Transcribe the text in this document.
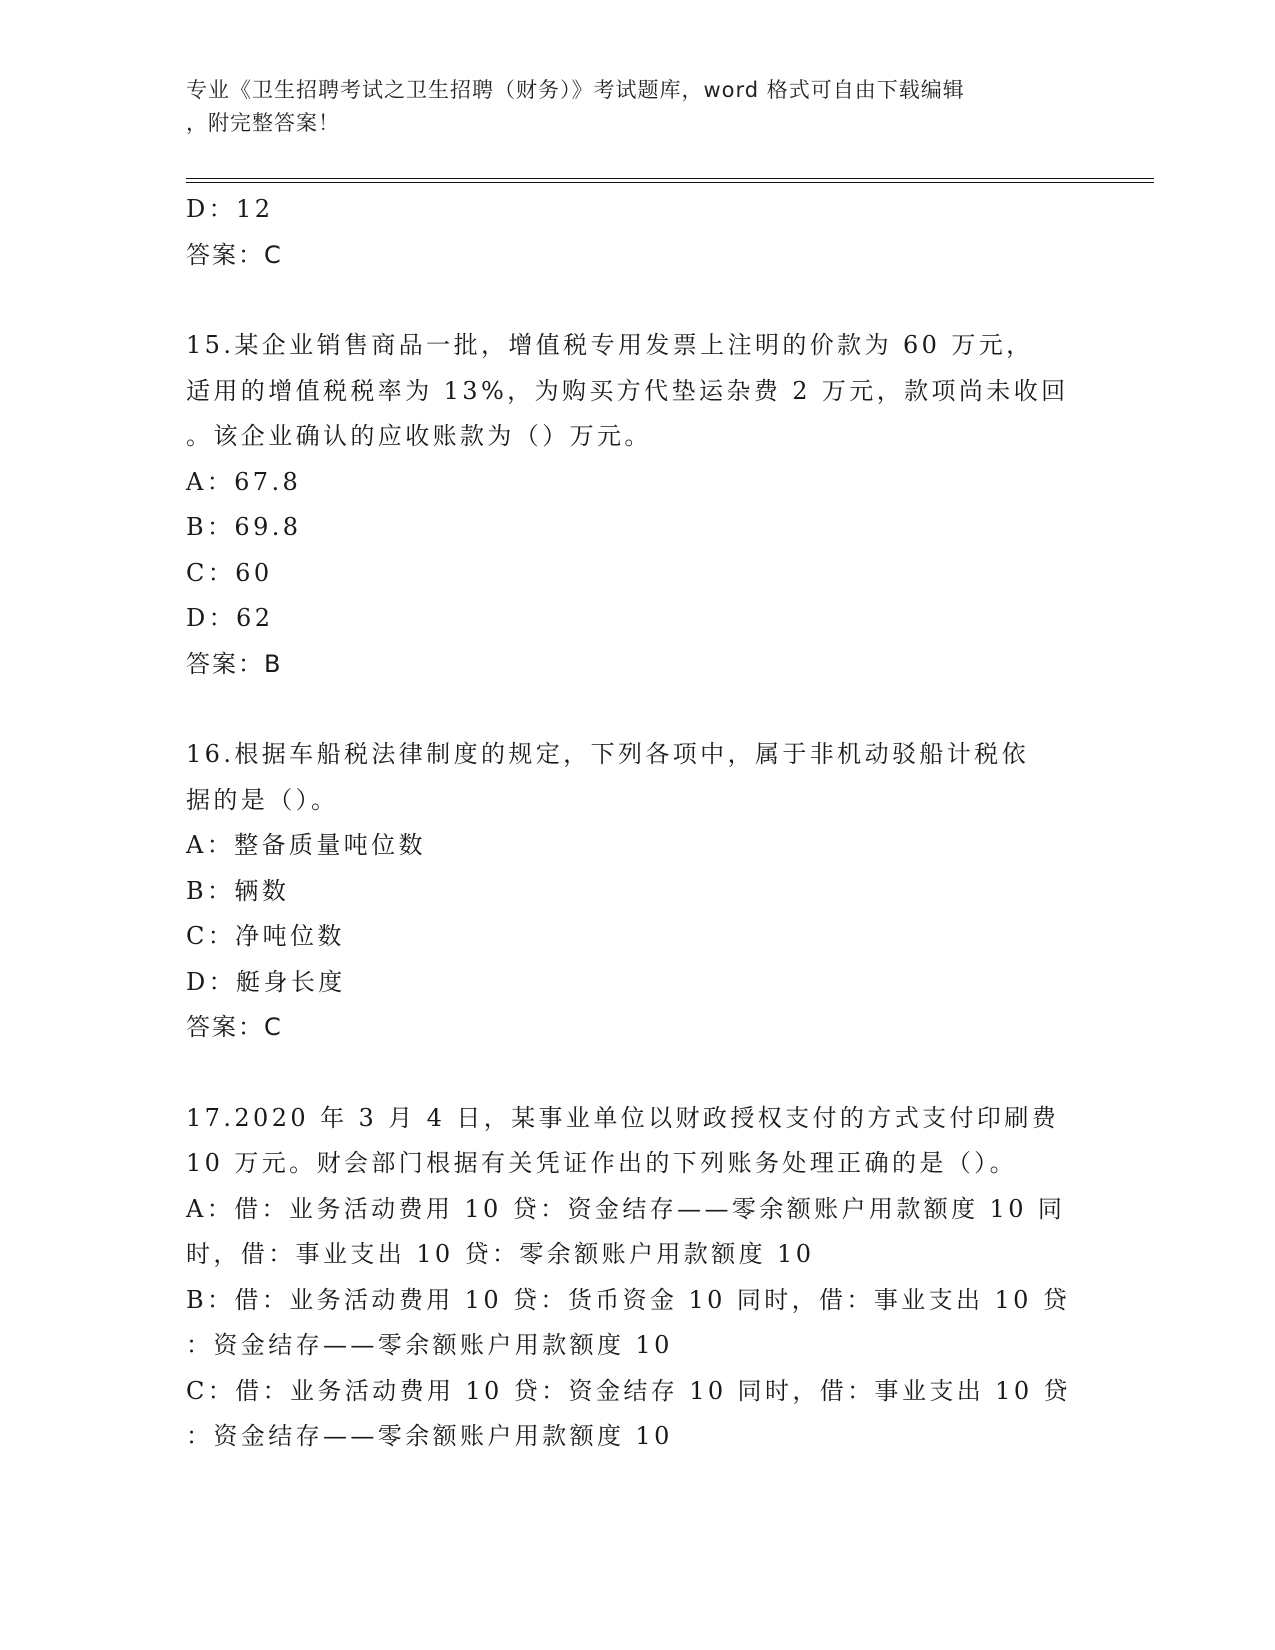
专业《卫生招聘考试之卫生招聘（财务）》考试题库，word 格式可自由下载编辑
，附完整答案！
D：12
答案：C
15.某企业销售商品一批，增值税专用发票上注明的价款为 60 万元，
适用的增值税税率为 13%，为购买方代垫运杂费 2 万元，款项尚未收回
。该企业确认的应收账款为（）万元。
A：67.8
B：69.8
C：60
D：62
答案：B
16.根据车船税法律制度的规定，下列各项中，属于非机动驳船计税依
据的是（）。
A：整备质量吨位数
B：辆数
C：净吨位数
D：艇身长度
答案：C
17.2020 年 3 月 4 日，某事业单位以财政授权支付的方式支付印刷费
10 万元。财会部门根据有关凭证作出的下列账务处理正确的是（）。
A：借：业务活动费用 10 贷：资金结存——零余额账户用款额度 10 同
时，借：事业支出 10 贷：零余额账户用款额度 10
B：借：业务活动费用 10 贷：货币资金 10 同时，借：事业支出 10 贷
：资金结存——零余额账户用款额度 10
C：借：业务活动费用 10 贷：资金结存 10 同时，借：事业支出 10 贷
：资金结存——零余额账户用款额度 10
